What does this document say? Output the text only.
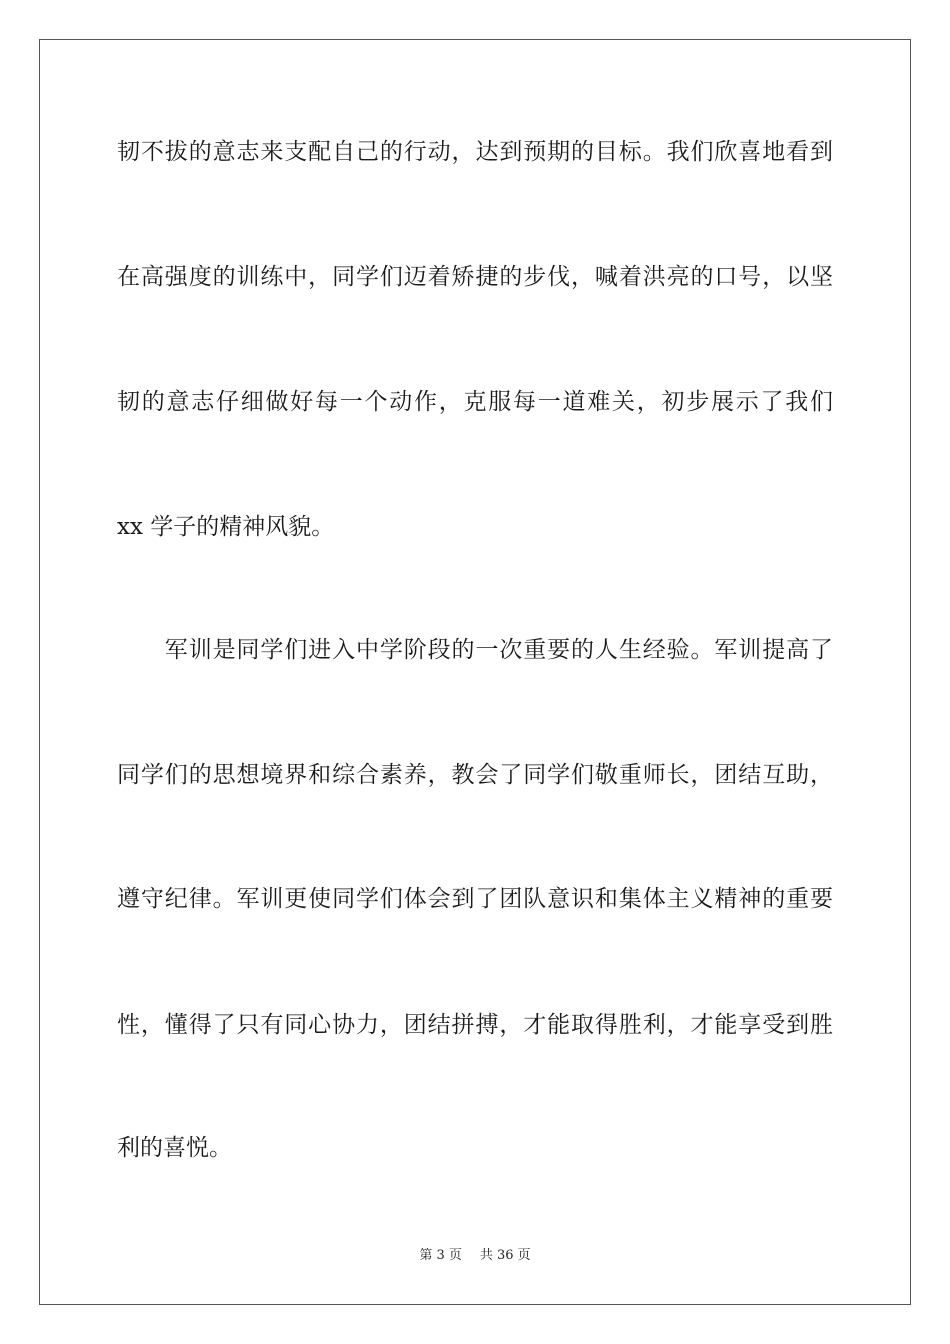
韧不拔的意志来支配自己的行动，达到预期的目标。我们欣喜地看到
在高强度的训练中，同学们迈着矫捷的步伐，喊着洪亮的口号，以坚
韧的意志仔细做好每一个动作，克服每一道难关，初步展示了我们
xx 学子的精神风貌。
　　军训是同学们进入中学阶段的一次重要的人生经验。军训提高了
同学们的思想境界和综合素养，教会了同学们敬重师长，团结互助，
遵守纪律。军训更使同学们体会到了团队意识和集体主义精神的重要
性，懂得了只有同心协力，团结拼搏，才能取得胜利，才能享受到胜
利的喜悦。
第 3 页 共 36 页
